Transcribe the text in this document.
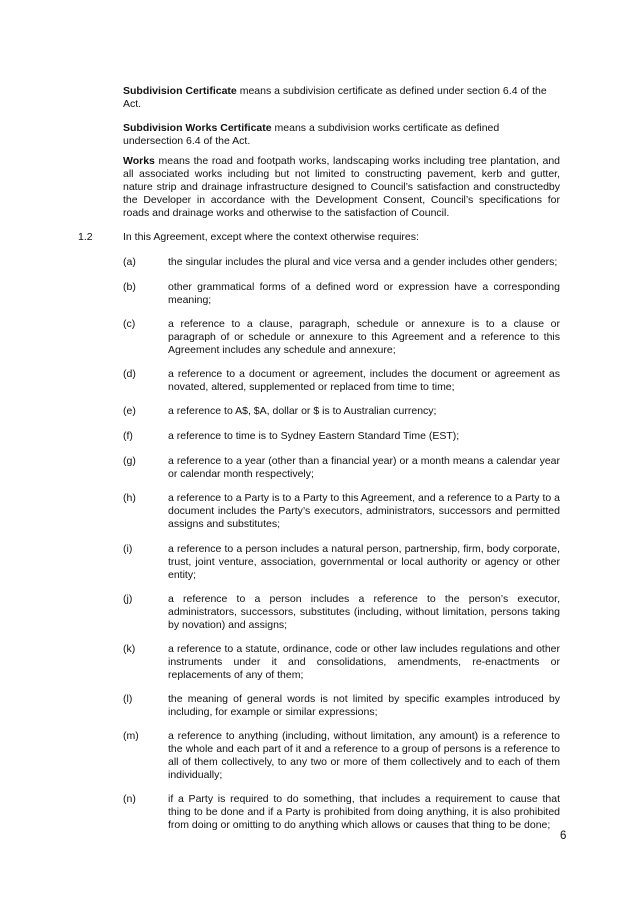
Subdivision Certificate means a subdivision certificate as defined under section 6.4 of the Act.

Subdivision Works Certificate means a subdivision works certificate as defined undersection 6.4 of the Act.

Works means the road and footpath works, landscaping works including tree plantation, and all associated works including but not limited to constructing pavement, kerb and gutter, nature strip and drainage infrastructure designed to Council’s satisfaction and constructedby the Developer in accordance with the Development Consent, Council’s specifications for roads and drainage works and otherwise to the satisfaction of Council.

1.2	In this Agreement, except where the context otherwise requires:

(a)	the singular includes the plural and vice versa and a gender includes other genders;

(b)	other grammatical forms of a defined word or expression have a corresponding meaning;

(c)	a reference to a clause, paragraph, schedule or annexure is to a clause or paragraph of or schedule or annexure to this Agreement and a reference to this Agreement includes any schedule and annexure;

(d)	a reference to a document or agreement, includes the document or agreement as novated, altered, supplemented or replaced from time to time;

(e)	a reference to A$, $A, dollar or $ is to Australian currency;

(f)	a reference to time is to Sydney Eastern Standard Time (EST);

(g)	a reference to a year (other than a financial year) or a month means a calendar year or calendar month respectively;

(h)	a reference to a Party is to a Party to this Agreement, and a reference to a Party to a document includes the Party’s executors, administrators, successors and permitted assigns and substitutes;

(i)	a reference to a person includes a natural person, partnership, firm, body corporate, trust, joint venture, association, governmental or local authority or agency or other entity;

(j)	a reference to a person includes a reference to the person’s executor, administrators, successors, substitutes (including, without limitation, persons taking by novation) and assigns;

(k)	a reference to a statute, ordinance, code or other law includes regulations and other instruments under it and consolidations, amendments, re-enactments or replacements of any of them;

(l)	the meaning of general words is not limited by specific examples introduced by including, for example or similar expressions;

(m)	a reference to anything (including, without limitation, any amount) is a reference to the whole and each part of it and a reference to a group of persons is a reference to all of them collectively, to any two or more of them collectively and to each of them individually;

(n)	if a Party is required to do something, that includes a requirement to cause that thing to be done and if a Party is prohibited from doing anything, it is also prohibited from doing or omitting to do anything which allows or causes that thing to be done;

6
